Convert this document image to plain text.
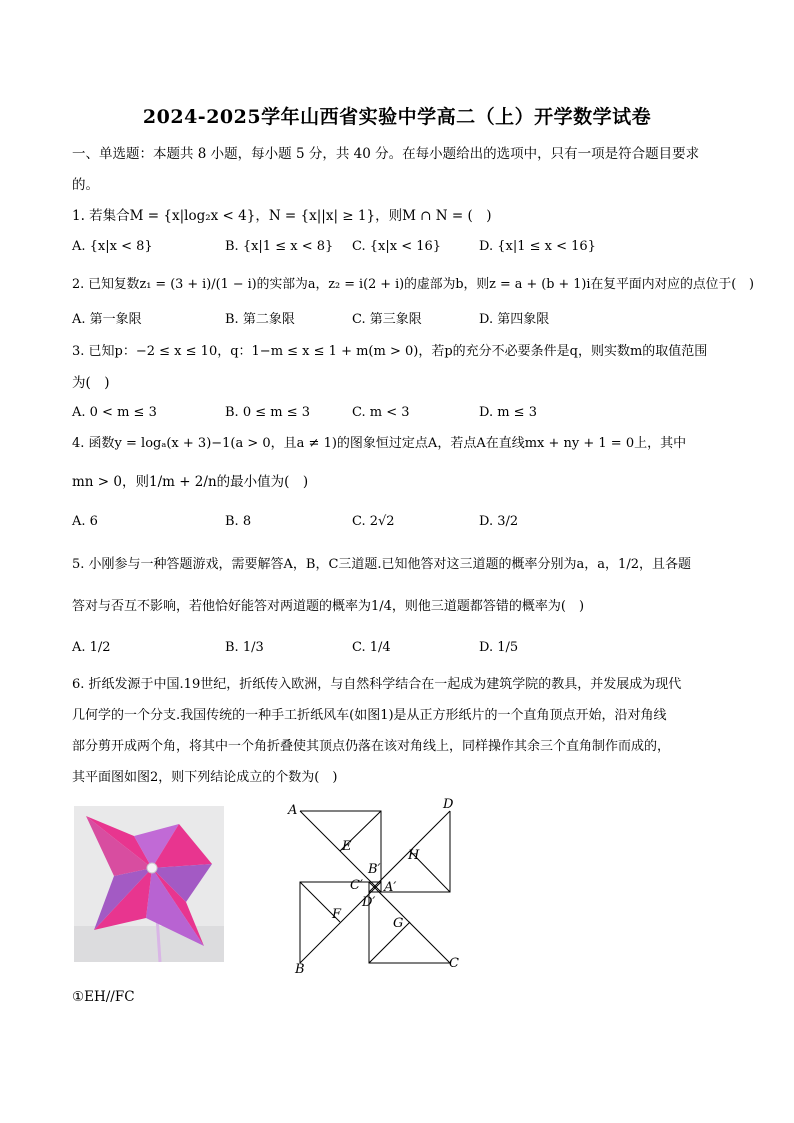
2024-2025学年山西省实验中学高二（上）开学数学试卷
一、单选题：本题共 8 小题，每小题 5 分，共 40 分。在每小题给出的选项中，只有一项是符合题目要求
的。
1. 若集合M = {x|log₂x < 4}，N = {x||x| ≥ 1}，则M ∩ N = (　)
A. {x|x < 8}	B. {x|1 ≤ x < 8} C. {x|x < 16}	D. {x|1 ≤ x < 16}
2. 已知复数z₁ = (3 + i)/(1 − i)的实部为a，z₂ = i(2 + i)的虚部为b，则z = a + (b + 1)i在复平面内对应的点位于(　)
A. 第一象限	B. 第二象限	C. 第三象限	D. 第四象限
3. 已知p：−2 ≤ x ≤ 10，q：1−m ≤ x ≤ 1 + m(m > 0)，若p的充分不必要条件是q，则实数m的取值范围
为(　)
A. 0 < m ≤ 3	B. 0 ≤ m ≤ 3	C. m < 3	D. m ≤ 3
4. 函数y = logₐ(x + 3)−1(a > 0，且a ≠ 1)的图象恒过定点A，若点A在直线mx + ny + 1 = 0上，其中
mn > 0，则1/m + 2/n的最小值为(　)
A. 6	B. 8	C. 2√2	D. 3/2
5. 小刚参与一种答题游戏，需要解答A，B，C三道题.已知他答对这三道题的概率分别为a，a，1/2，且各题
答对与否互不影响，若他恰好能答对两道题的概率为1/4，则他三道题都答错的概率为(　)
A. 1/2	B. 1/3	C. 1/4	D. 1/5
6. 折纸发源于中国.19世纪，折纸传入欧洲，与自然科学结合在一起成为建筑学院的教具，并发展成为现代
几何学的一个分支.我国传统的一种手工折纸风车(如图1)是从正方形纸片的一个直角顶点开始，沿对角线
部分剪开成两个角，将其中一个角折叠使其顶点仍落在该对角线上，同样操作其余三个直角制作而成的，
其平面图如图2，则下列结论成立的个数为(　)
A
B	C
D
E
F
G
H
B′
C′ A′
D′
①EH//FC
